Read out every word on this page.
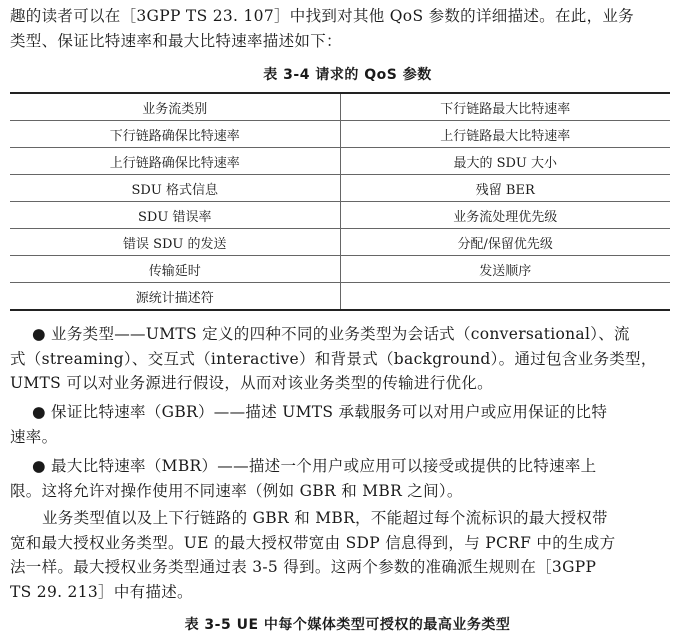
趣的读者可以在［3GPP TS 23. 107］中找到对其他 QoS 参数的详细描述。在此，业务
类型、保证比特速率和最大比特速率描述如下：

表 3-4 请求的 QoS 参数
业务流类别	下行链路最大比特速率
下行链路确保比特速率	上行链路最大比特速率
上行链路确保比特速率	最大的 SDU 大小
SDU 格式信息	残留 BER
SDU 错误率	业务流处理优先级
错误 SDU 的发送	分配/保留优先级
传输延时	发送顺序
源统计描述符	

● 业务类型——UMTS 定义的四种不同的业务类型为会话式（conversational）、流
式（streaming）、交互式（interactive）和背景式（background）。通过包含业务类型，
UMTS 可以对业务源进行假设，从而对该业务类型的传输进行优化。

● 保证比特速率（GBR）——描述 UMTS 承载服务可以对用户或应用保证的比特
速率。

● 最大比特速率（MBR）——描述一个用户或应用可以接受或提供的比特速率上
限。这将允许对操作使用不同速率（例如 GBR 和 MBR 之间）。

业务类型值以及上下行链路的 GBR 和 MBR，不能超过每个流标识的最大授权带
宽和最大授权业务类型。UE 的最大授权带宽由 SDP 信息得到，与 PCRF 中的生成方
法一样。最大授权业务类型通过表 3-5 得到。这两个参数的准确派生规则在［3GPP
TS 29. 213］中有描述。

表 3-5 UE 中每个媒体类型可授权的最高业务类型
